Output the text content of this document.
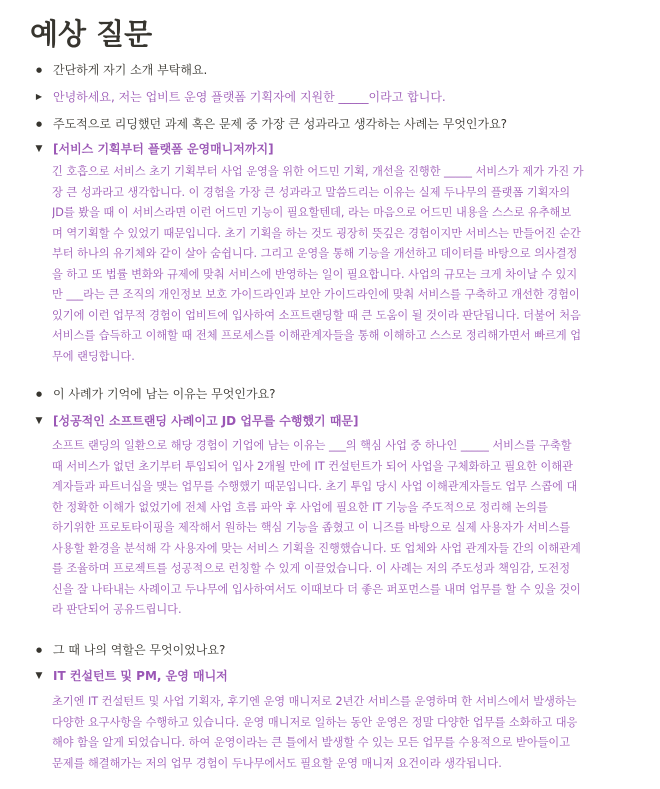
예상 질문
●
간단하게 자기 소개 부탁해요.
▶
안녕하세요, 저는 업비트 운영 플랫폼 기획자에 지원한 _____이라고 합니다.
●
주도적으로 리딩했던 과제 혹은 문제 중 가장 큰 성과라고 생각하는 사례는 무엇인가요?
▼
[서비스 기획부터 플랫폼 운영매니저까지]
긴 호흡으로 서비스 초기 기획부터 사업 운영을 위한 어드민 기획, 개선을 진행한 _____ 서비스가 제가 가진 가
장 큰 성과라고 생각합니다. 이 경험을 가장 큰 성과라고 말씀드리는 이유는 실제 두나무의 플랫폼 기획자의
JD를 봤을 때 이 서비스라면 이런 어드민 기능이 필요할텐데, 라는 마음으로 어드민 내용을 스스로 유추해보
며 역기획할 수 있었기 때문입니다. 초기 기획을 하는 것도 굉장히 뜻깊은 경험이지만 서비스는 만들어진 순간
부터 하나의 유기체와 같이 살아 숨쉽니다. 그리고 운영을 통해 기능을 개선하고 데이터를 바탕으로 의사결정
을 하고 또 법률 변화와 규제에 맞춰 서비스에 반영하는 일이 필요합니다. 사업의 규모는 크게 차이날 수 있지
만 ___라는 큰 조직의 개인정보 보호 가이드라인과 보안 가이드라인에 맞춰 서비스를 구축하고 개선한 경험이
있기에 이런 업무적 경험이 업비트에 입사하여 소프트랜딩할 때 큰 도움이 될 것이라 판단됩니다. 더불어 처음
서비스를 습득하고 이해할 때 전체 프로세스를 이해관계자들을 통해 이해하고 스스로 정리해가면서 빠르게 업
무에 랜딩합니다.
●
이 사례가 기억에 남는 이유는 무엇인가요?
▼
[성공적인 소프트랜딩 사례이고 JD 업무를 수행했기 때문]
소프트 랜딩의 일환으로 해당 경험이 기업에 남는 이유는 ___의 핵심 사업 중 하나인 _____ 서비스를 구축할
때 서비스가 없던 초기부터 투입되어 입사 2개월 만에 IT 컨설턴트가 되어 사업을 구체화하고 필요한 이해관
계자들과 파트너십을 맺는 업무를 수행했기 때문입니다. 초기 투입 당시 사업 이해관계자들도 업무 스콥에 대
한 정확한 이해가 없었기에 전체 사업 흐름 파악 후 사업에 필요한 IT 기능을 주도적으로 정리해 논의를
하기위한 프로토타이핑을 제작해서 원하는 핵심 기능을 좁혔고 이 니즈를 바탕으로 실제 사용자가 서비스를
사용할 환경을 분석해 각 사용자에 맞는 서비스 기획을 진행했습니다. 또 업체와 사업 관계자들 간의 이해관계
를 조율하며 프로젝트를 성공적으로 런칭할 수 있게 이끌었습니다. 이 사례는 저의 주도성과 책임감, 도전정
신을 잘 나타내는 사례이고 두나무에 입사하여서도 이때보다 더 좋은 퍼포먼스를 내며 업무를 할 수 있을 것이
라 판단되어 공유드립니다.
●
그 때 나의 역할은 무엇이었나요?
▼
IT 컨설턴트 및 PM, 운영 매니저
초기엔 IT 컨설턴트 및 사업 기획자, 후기엔 운영 매니저로 2년간 서비스를 운영하며 한 서비스에서 발생하는
다양한 요구사항을 수행하고 있습니다. 운영 매니저로 일하는 동안 운영은 정말 다양한 업무를 소화하고 대응
해야 함을 알게 되었습니다. 하여 운영이라는 큰 틀에서 발생할 수 있는 모든 업무를 수용적으로 받아들이고
문제를 해결해가는 저의 업무 경험이 두나무에서도 필요할 운영 매니저 요건이라 생각됩니다.
